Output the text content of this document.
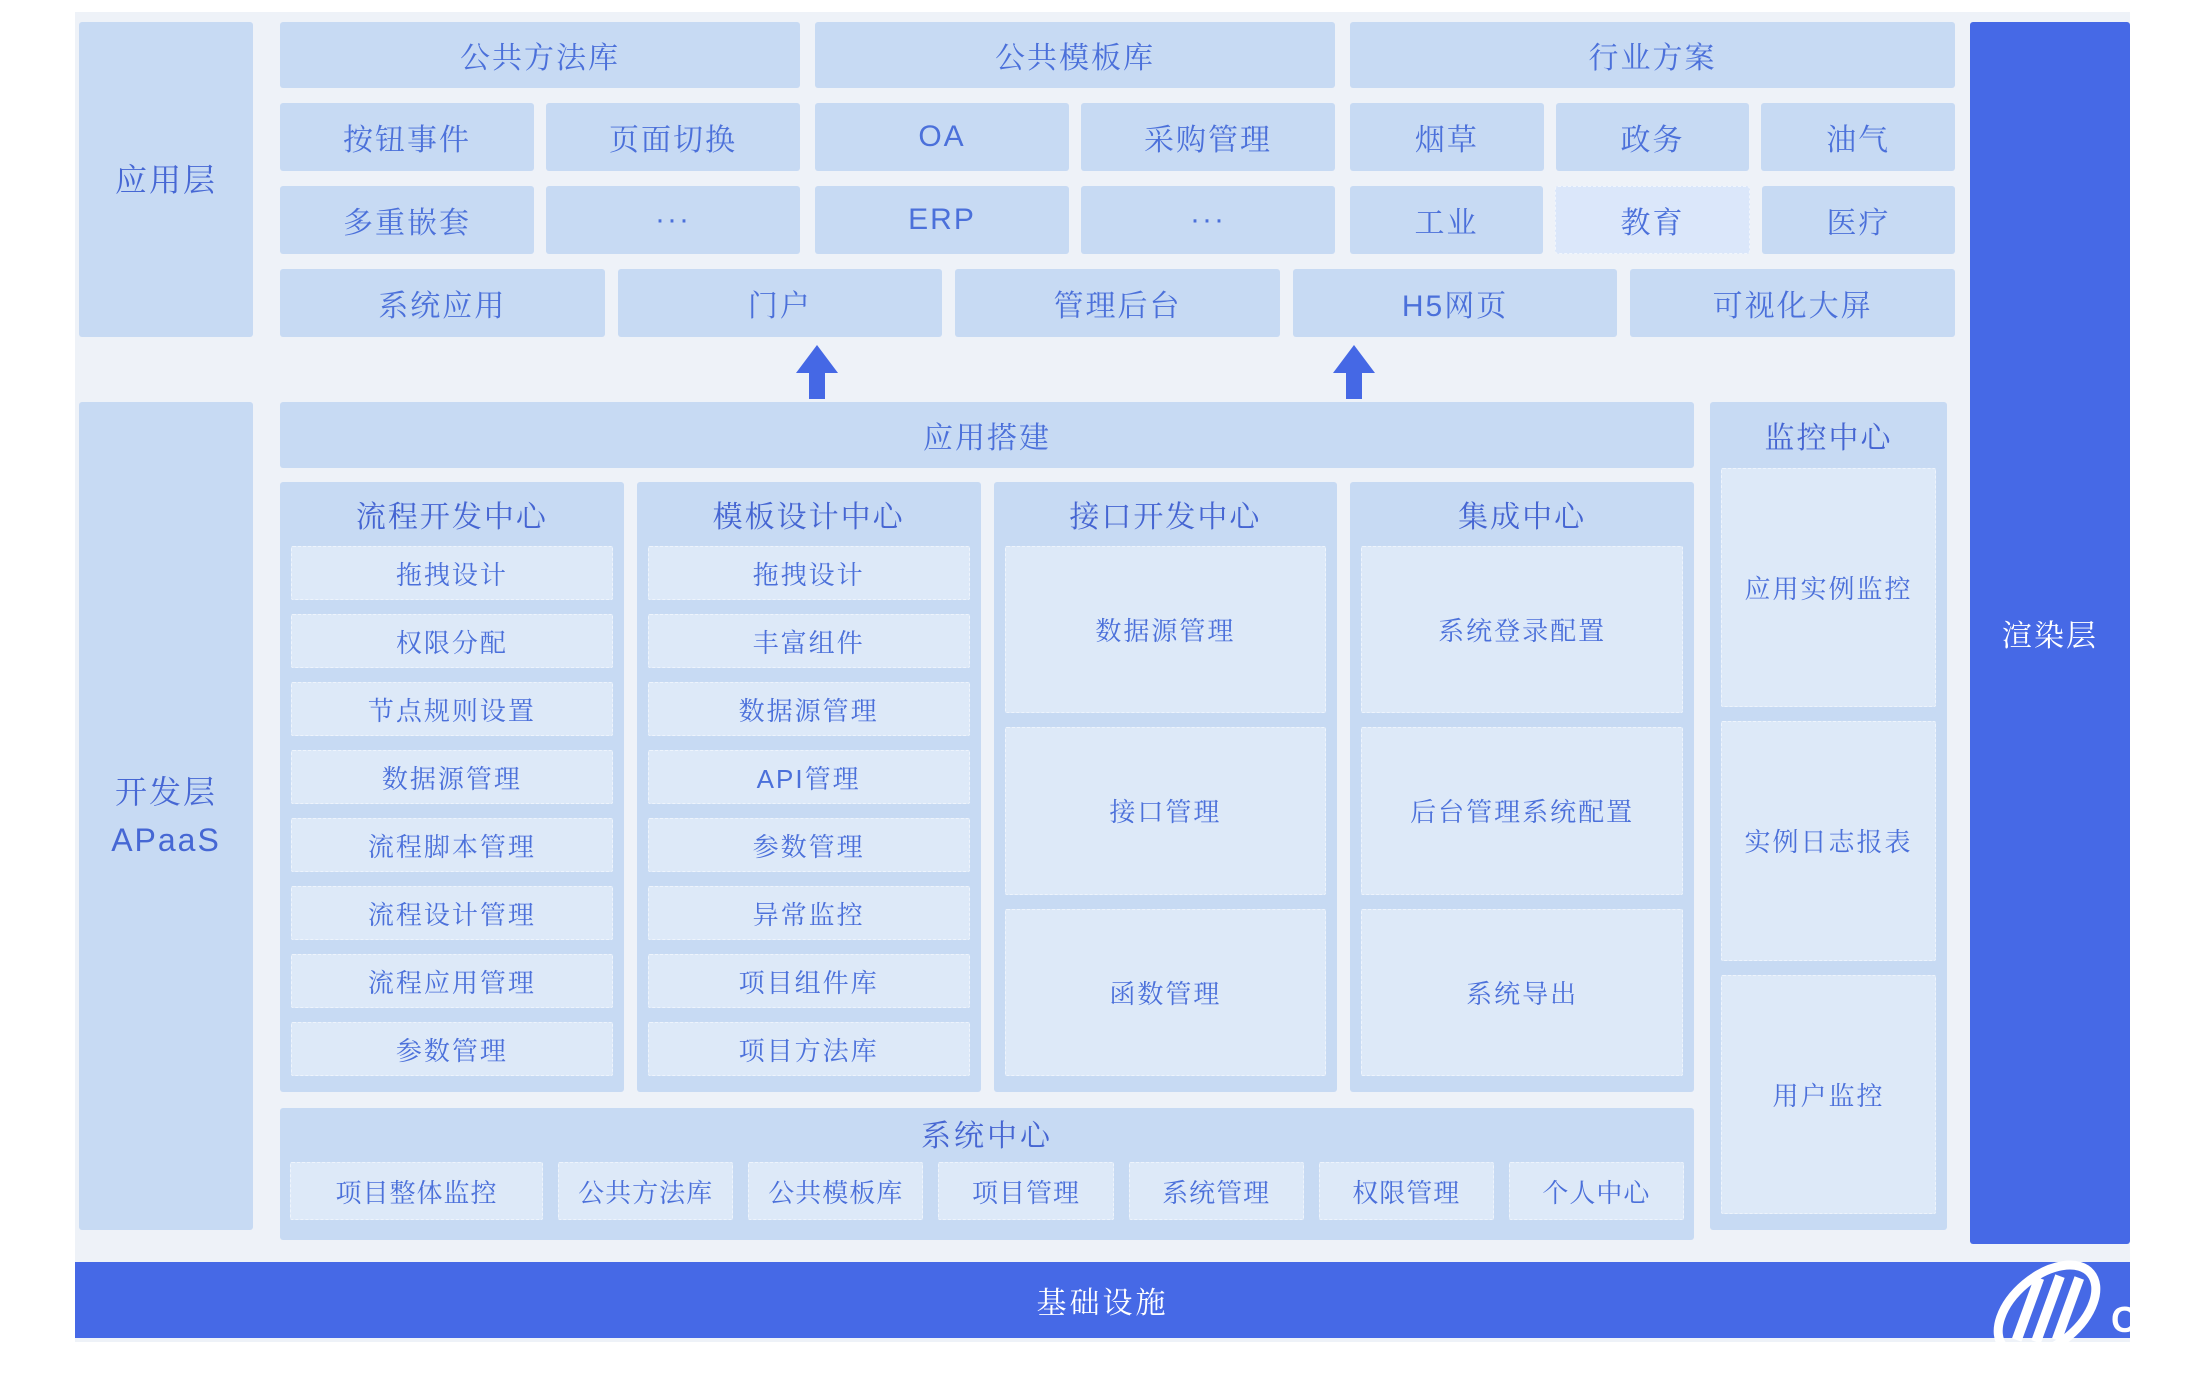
应用层
公共方法库
按钮事件	页面切换
多重嵌套	···
公共模板库
OA	采购管理
ERP	···
行业方案
烟草	政务	油气
工业	教育	医疗
系统应用	门户	管理后台	H5网页	可视化大屏
开发层
APaaS
应用搭建
流程开发中心
拖拽设计
权限分配
节点规则设置
数据源管理
流程脚本管理
流程设计管理
流程应用管理
参数管理
模板设计中心
拖拽设计
丰富组件
数据源管理
API管理
参数管理
异常监控
项目组件库
项目方法库
接口开发中心
数据源管理
接口管理
函数管理
集成中心
系统登录配置
后台管理系统配置
系统导出
监控中心
应用实例监控
实例日志报表
用户监控
系统中心
项目整体监控	公共方法库	公共模板库	项目管理	系统管理	权限管理	个人中心
渲染层
基础设施	CA
电科
